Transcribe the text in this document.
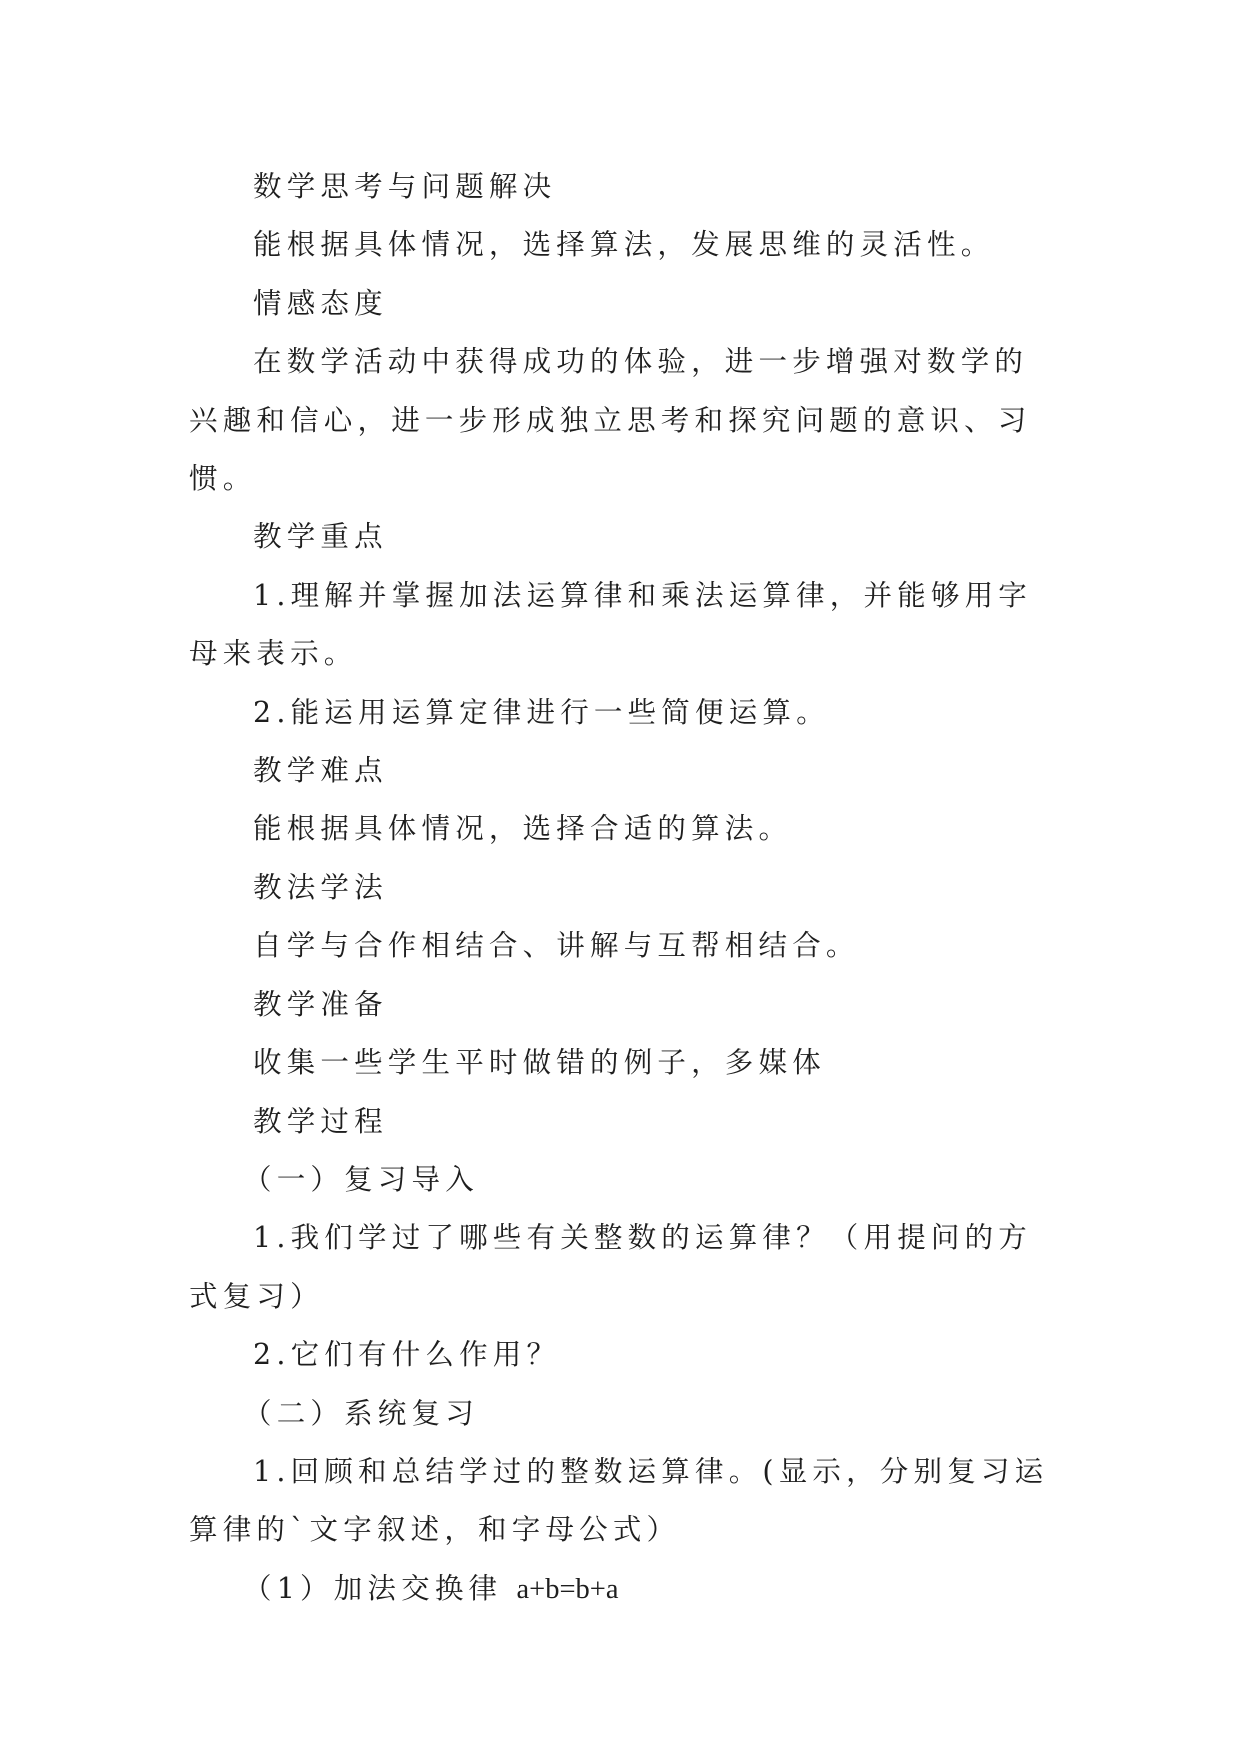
数学思考与问题解决

能根据具体情况，选择算法，发展思维的灵活性。

情感态度

在数学活动中获得成功的体验，进一步增强对数学的兴趣和信心，进一步形成独立思考和探究问题的意识、习惯。

教学重点

1.理解并掌握加法运算律和乘法运算律，并能够用字母来表示。

2.能运用运算定律进行一些简便运算。

教学难点

能根据具体情况，选择合适的算法。

教法学法

自学与合作相结合、讲解与互帮相结合。

教学准备

收集一些学生平时做错的例子，多媒体

教学过程

（一）复习导入

1.我们学过了哪些有关整数的运算律？（用提问的方式复习）

2.它们有什么作用？

（二）系统复习

1.回顾和总结学过的整数运算律。(显示，分别复习运算律的`文字叙述，和字母公式）

（1）加法交换律 a+b=b+a
